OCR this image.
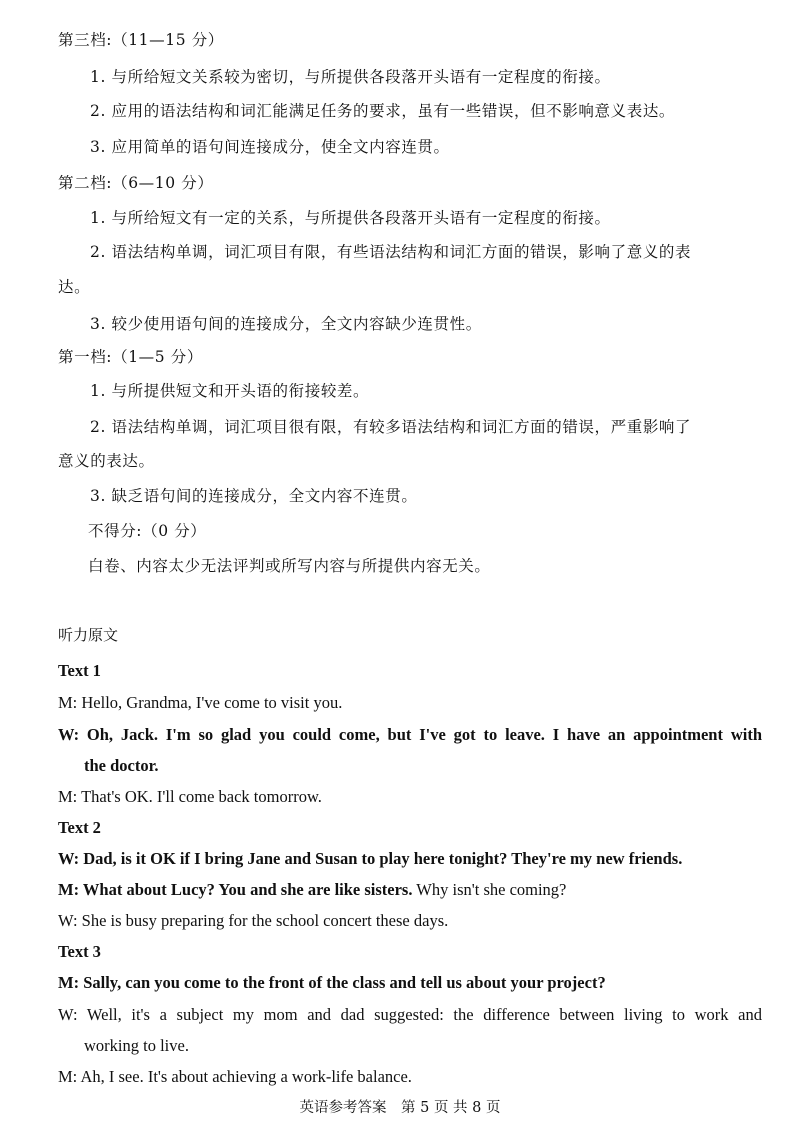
第三档:（11—15 分）
1. 与所给短文关系较为密切，与所提供各段落开头语有一定程度的衔接。
2. 应用的语法结构和词汇能满足任务的要求，虽有一些错误，但不影响意义表达。
3. 应用简单的语句间连接成分，使全文内容连贯。
第二档:（6—10 分）
1. 与所给短文有一定的关系，与所提供各段落开头语有一定程度的衔接。
2. 语法结构单调，词汇项目有限，有些语法结构和词汇方面的错误，影响了意义的表
达。
3. 较少使用语句间的连接成分，全文内容缺少连贯性。
第一档:（1—5 分）
1. 与所提供短文和开头语的衔接较差。
2. 语法结构单调，词汇项目很有限，有较多语法结构和词汇方面的错误，严重影响了
意义的表达。
3. 缺乏语句间的连接成分，全文内容不连贯。
不得分:（0 分）
白卷、内容太少无法评判或所写内容与所提供内容无关。
听力原文
Text 1
M: Hello, Grandma, I've come to visit you.
W: Oh, Jack. I'm so glad you could come, but I've got to leave. I have an appointment with
the doctor.
M: That's OK. I'll come back tomorrow.
Text 2
W: Dad, is it OK if I bring Jane and Susan to play here tonight? They're my new friends.
M: What about Lucy? You and she are like sisters. Why isn't she coming?
W: She is busy preparing for the school concert these days.
Text 3
M: Sally, can you come to the front of the class and tell us about your project?
W: Well, it's a subject my mom and dad suggested: the difference between living to work and
working to live.
M: Ah, I see. It's about achieving a work-life balance.
英语参考答案　第 5 页 共 8 页
